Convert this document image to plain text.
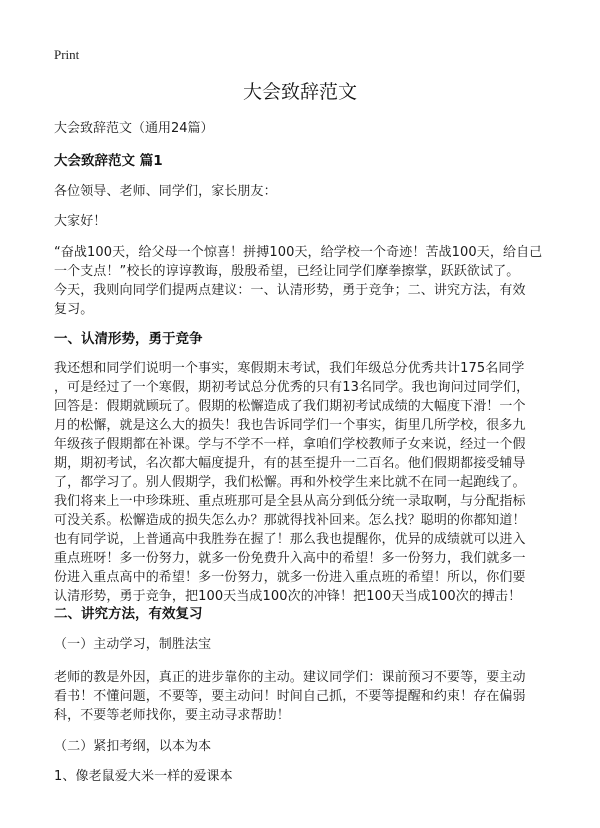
Print
大会致辞范文
大会致辞范文（通用24篇）
大会致辞范文 篇1
各位领导、老师、同学们，家长朋友：
大家好！
“奋战100天，给父母一个惊喜！拼搏100天，给学校一个奇迹！苦战100天，给自己
一个支点！”校长的谆谆教诲，殷殷希望，已经让同学们摩拳擦掌，跃跃欲试了。
今天，我则向同学们提两点建议：一、认清形势，勇于竞争；二、讲究方法，有效
复习。
一、认清形势，勇于竞争
我还想和同学们说明一个事实，寒假期末考试，我们年级总分优秀共计175名同学
，可是经过了一个寒假，期初考试总分优秀的只有13名同学。我也询问过同学们，
回答是：假期就顾玩了。假期的松懈造成了我们期初考试成绩的大幅度下滑！一个
月的松懈，就是这么大的损失！我也告诉同学们一个事实，街里几所学校，很多九
年级孩子假期都在补课。学与不学不一样，拿咱们学校教师子女来说，经过一个假
期，期初考试，名次都大幅度提升，有的甚至提升一二百名。他们假期都接受辅导
了，都学习了。别人假期学，我们松懈。再和外校学生来比就不在同一起跑线了。
我们将来上一中珍珠班、重点班那可是全县从高分到低分统一录取啊，与分配指标
可没关系。松懈造成的损失怎么办？那就得找补回来。怎么找？聪明的你都知道！
也有同学说，上普通高中我胜券在握了！那么我也提醒你，优异的成绩就可以进入
重点班呀！多一份努力，就多一份免费升入高中的希望！多一份努力，我们就多一
份进入重点高中的希望！多一份努力，就多一份进入重点班的希望！所以，你们要
认清形势，勇于竞争，把100天当成100次的冲锋！把100天当成100次的搏击！
二、讲究方法，有效复习
（一）主动学习，制胜法宝
老师的教是外因，真正的进步靠你的主动。建议同学们：课前预习不要等，要主动
看书！不懂问题，不要等，要主动问！时间自己抓，不要等提醒和约束！存在偏弱
科，不要等老师找你，要主动寻求帮助！
（二）紧扣考纲，以本为本
1、像老鼠爱大米一样的爱课本
